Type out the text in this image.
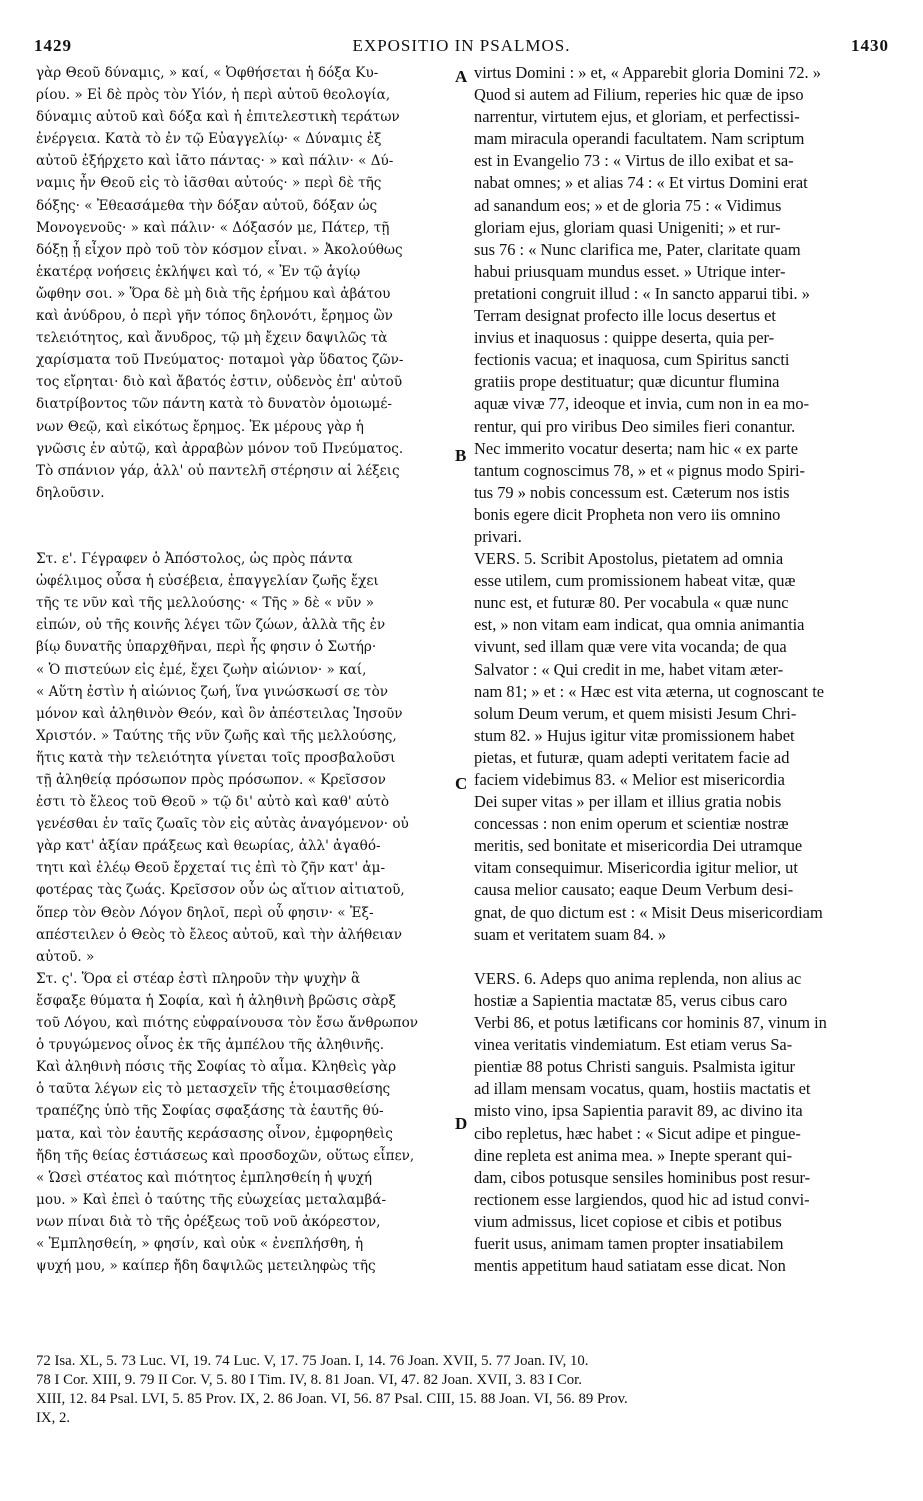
1429	EXPOSITIO IN PSALMOS.	1430
γὰρ Θεοῦ δύναμις, » καί, « Ὀφθήσεται ἡ δόξα Κυ-
ρίου. » Εἰ δὲ πρὸς τὸν Υἱόν, ἡ περὶ αὐτοῦ θεολογία,
δύναμις αὐτοῦ καὶ δόξα καὶ ἡ ἐπιτελεστικὴ τεράτων
ἐνέργεια. Κατὰ τὸ ἐν τῷ Εὐαγγελίῳ· « Δύναμις ἐξ
αὐτοῦ ἐξήρχετο καὶ ἰᾶτο πάντας· » καὶ πάλιν· « Δύ-
ναμις ἦν Θεοῦ εἰς τὸ ἰᾶσθαι αὐτούς· » περὶ δὲ τῆς
δόξης· « Ἐθεασάμεθα τὴν δόξαν αὐτοῦ, δόξαν ὡς
Μονογενοῦς· » καὶ πάλιν· « Δόξασόν με, Πάτερ, τῇ
δόξῃ ᾗ εἶχον πρὸ τοῦ τὸν κόσμον εἶναι. » Ἀκολούθως
ἑκατέρᾳ νοήσεις ἐκλήψει καὶ τό, « Ἐν τῷ ἁγίῳ
ὤφθην σοι. » Ὅρα δὲ μὴ διὰ τῆς ἐρήμου καὶ ἀβάτου
καὶ ἀνύδρου, ὁ περὶ γῆν τόπος δηλονότι, ἔρημος ὢν
τελειότητος, καὶ ἄνυδρος, τῷ μὴ ἔχειν δαψιλῶς τὰ
χαρίσματα τοῦ Πνεύματος· ποταμοὶ γὰρ ὕδατος ζῶν-
τος εἴρηται· διὸ καὶ ἄβατός ἐστιν, οὐδενὸς ἐπ' αὐτοῦ
διατρίβοντος τῶν πάντη κατὰ τὸ δυνατὸν ὁμοιωμέ-
νων Θεῷ, καὶ εἰκότως ἔρημος. Ἐκ μέρους γὰρ ἡ
γνῶσις ἐν αὐτῷ, καὶ ἀρραβὼν μόνον τοῦ Πνεύματος.
Τὸ σπάνιον γάρ, ἀλλ' οὐ παντελῆ στέρησιν αἱ λέξεις
δηλοῦσιν.
Στ. ε'. Γέγραφεν ὁ Ἀπόστολος, ὡς πρὸς πάντα
ὠφέλιμος οὖσα ἡ εὐσέβεια, ἐπαγγελίαν ζωῆς ἔχει
τῆς τε νῦν καὶ τῆς μελλούσης· « Τῆς » δὲ « νῦν »
εἰπών, οὐ τῆς κοινῆς λέγει τῶν ζώων, ἀλλὰ τῆς ἐν
βίῳ δυνατῆς ὑπαρχθῆναι, περὶ ἧς φησιν ὁ Σωτήρ·
« Ὁ πιστεύων εἰς ἐμέ, ἔχει ζωὴν αἰώνιον· » καί,
« Αὕτη ἐστὶν ἡ αἰώνιος ζωή, ἵνα γινώσκωσί σε τὸν
μόνον καὶ ἀληθινὸν Θεόν, καὶ ὃν ἀπέστειλας Ἰησοῦν
Χριστόν. » Ταύτης τῆς νῦν ζωῆς καὶ τῆς μελλούσης,
ἥτις κατὰ τὴν τελειότητα γίνεται τοῖς προσβαλοῦσι
τῇ ἀληθείᾳ πρόσωπον πρὸς πρόσωπον. « Κρεῖσσον
ἐστι τὸ ἔλεος τοῦ Θεοῦ » τῷ δι' αὐτὸ καὶ καθ' αὑτὸ
γενέσθαι ἐν ταῖς ζωαῖς τὸν εἰς αὐτὰς ἀναγόμενον· οὐ
γὰρ κατ' ἀξίαν πράξεως καὶ θεωρίας, ἀλλ' ἀγαθό-
τητι καὶ ἐλέῳ Θεοῦ ἔρχεταί τις ἐπὶ τὸ ζῆν κατ' ἀμ-
φοτέρας τὰς ζωάς. Κρεῖσσον οὖν ὡς αἴτιον αἰτιατοῦ,
ὅπερ τὸν Θεὸν Λόγον δηλοῖ, περὶ οὗ φησιν· « Ἐξ-
απέστειλεν ὁ Θεὸς τὸ ἔλεος αὐτοῦ, καὶ τὴν ἀλήθειαν
αὐτοῦ. »
Στ. ς'. Ὅρα εἰ στέαρ ἐστὶ πληροῦν τὴν ψυχὴν ἃ
ἔσφαξε θύματα ἡ Σοφία, καὶ ἡ ἀληθινὴ βρῶσις σὰρξ
τοῦ Λόγου, καὶ πιότης εὐφραίνουσα τὸν ἔσω ἄνθρωπον
ὁ τρυγώμενος οἶνος ἐκ τῆς ἀμπέλου τῆς ἀληθινῆς.
Καὶ ἀληθινὴ πόσις τῆς Σοφίας τὸ αἷμα. Κληθεὶς γὰρ
ὁ ταῦτα λέγων εἰς τὸ μετασχεῖν τῆς ἑτοιμασθείσης
τραπέζης ὑπὸ τῆς Σοφίας σφαξάσης τὰ ἑαυτῆς θύ-
ματα, καὶ τὸν ἑαυτῆς κεράσασης οἶνον, ἐμφορηθεὶς
ἤδη τῆς θείας ἑστιάσεως καὶ προσδοχῶν, οὕτως εἶπεν,
« Ὡσεὶ στέατος καὶ πιότητος ἐμπλησθείη ἡ ψυχή
μου. » Καὶ ἐπεὶ ὁ ταύτης τῆς εὐωχείας μεταλαμβά-
νων πίναι διὰ τὸ τῆς ὀρέξεως τοῦ νοῦ ἀκόρεστον,
« Ἐμπλησθείη, » φησίν, καὶ οὐκ « ἐνεπλήσθη, ἡ
ψυχή μου, » καίπερ ἤδη δαψιλῶς μετειληφὼς τῆς
virtus Domini : » et, « Apparebit gloria Domini 72. »
Quod si autem ad Filium, reperies hic quæ de ipso
narrentur, virtutem ejus, et gloriam, et perfectissi-
mam miracula operandi facultatem. Nam scriptum
est in Evangelio 73 : « Virtus de illo exibat et sa-
nabat omnes; » et alias 74 : « Et virtus Domini erat
ad sanandum eos; » et de gloria 75 : « Vidimus
gloriam ejus, gloriam quasi Unigeniti; » et rur-
sus 76 : « Nunc clarifica me, Pater, claritate quam
habui priusquam mundus esset. » Utrique inter-
pretationi congruit illud : « In sancto apparui tibi. »
Terram designat profecto ille locus desertus et
invius et inaquosus : quippe deserta, quia per-
fectionis vacua; et inaquosa, cum Spiritus sancti
gratiis prope destituatur; quæ dicuntur flumina
aquæ vivæ 77, ideoque et invia, cum non in ea mo-
rentur, qui pro viribus Deo similes fieri conantur.
Nec immerito vocatur deserta; nam hic « ex parte
tantum cognoscimus 78, » et « pignus modo Spiri-
tus 79 » nobis concessum est. Cæterum nos istis
bonis egere dicit Propheta non vero iis omnino
privari.
VERS. 5. Scribit Apostolus, pietatem ad omnia
esse utilem, cum promissionem habeat vitæ, quæ
nunc est, et futuræ 80. Per vocabula « quæ nunc
est, » non vitam eam indicat, qua omnia animantia
vivunt, sed illam quæ vere vita vocanda; de qua
Salvator : « Qui credit in me, habet vitam æter-
nam 81; » et : « Hæc est vita æterna, ut cognoscant te
solum Deum verum, et quem misisti Jesum Chri-
stum 82. » Hujus igitur vitæ promissionem habet
pietas, et futuræ, quam adepti veritatem facie ad
faciem videbimus 83. « Melior est misericordia
Dei super vitas » per illam et illius gratia nobis
concessas : non enim operum et scientiæ nostræ
meritis, sed bonitate et misericordia Dei utramque
vitam consequimur. Misericordia igitur melior, ut
causa melior causato; eaque Deum Verbum desi-
gnat, de quo dictum est : « Misit Deus misericordiam
suam et veritatem suam 84. »
VERS. 6. Adeps quo anima replenda, non alius ac
hostiæ a Sapientia mactatæ 85, verus cibus caro
Verbi 86, et potus lætificans cor hominis 87, vinum in
vinea veritatis vindemiatum. Est etiam verus Sa-
pientiæ 88 potus Christi sanguis. Psalmista igitur
ad illam mensam vocatus, quam, hostiis mactatis et
misto vino, ipsa Sapientia paravit 89, ac divino ita
cibo repletus, hæc habet : « Sicut adipe et pingue-
dine repleta est anima mea. » Inepte sperant qui-
dam, cibos potusque sensiles hominibus post resur-
rectionem esse largiendos, quod hic ad istud convi-
vium admissus, licet copiose et cibis et potibus
fuerit usus, animam tamen propter insatiabilem
mentis appetitum haud satiatam esse dicat. Non
A
B
C
D
72 Isa. XL, 5. 73 Luc. VI, 19. 74 Luc. V, 17. 75 Joan. I, 14. 76 Joan. XVII, 5. 77 Joan. IV, 10.
78 I Cor. XIII, 9. 79 II Cor. V, 5. 80 I Tim. IV, 8. 81 Joan. VI, 47. 82 Joan. XVII, 3. 83 I Cor.
XIII, 12. 84 Psal. LVI, 5. 85 Prov. IX, 2. 86 Joan. VI, 56. 87 Psal. CIII, 15. 88 Joan. VI, 56. 89 Prov.
IX, 2.
